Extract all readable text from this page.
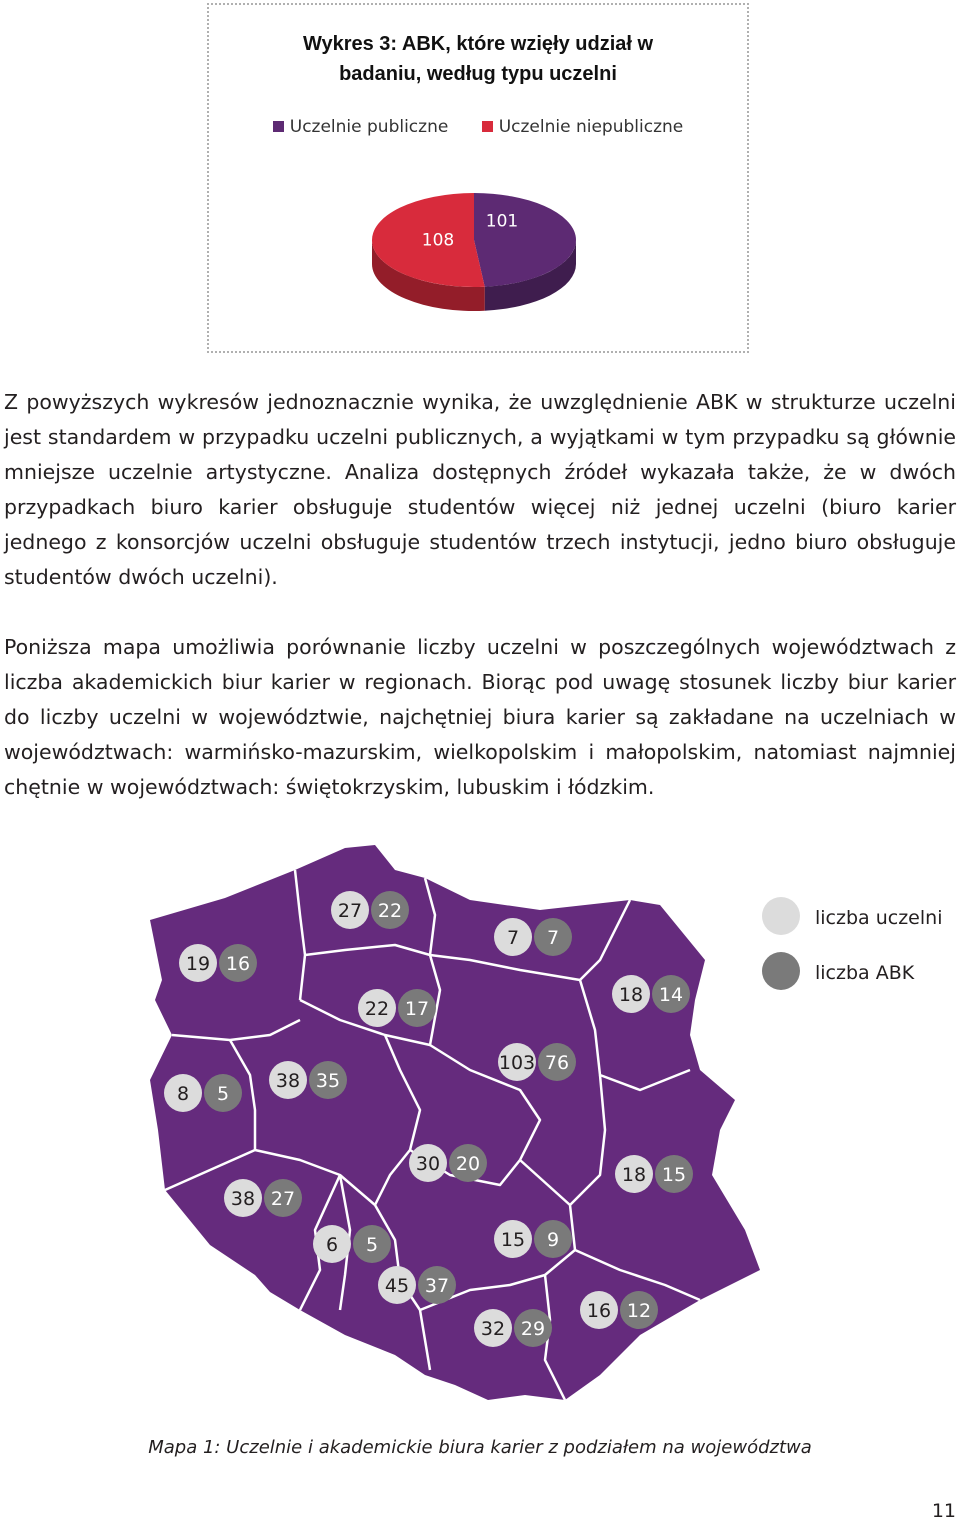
Wykres 3: ABK, które wzięły udział w
badaniu, według typu uczelni
Uczelnie publiczne	Uczelnie niepubliczne
101
108

Z powyższych wykresów jednoznacznie wynika, że uwzględnienie ABK w strukturze uczelni jest standardem w przypadku uczelni publicznych, a wyjątkami w tym przypadku są głównie mniejsze uczelnie artystyczne. Analiza dostępnych źródeł wykazała także, że w dwóch przypadkach biuro karier obsługuje studentów więcej niż jednej uczelni (biuro karier jednego z konsorcjów uczelni obsługuje studentów trzech instytucji, jedno biuro obsługuje studentów dwóch uczelni).

Poniższa mapa umożliwia porównanie liczby uczelni w poszczególnych województwach z liczba akademickich biur karier w regionach. Biorąc pod uwagę stosunek liczby biur karier do liczby uczelni w województwie, najchętniej biura karier są zakładane na uczelniach w województwach: warmińsko-mazurskim, wielkopolskim i małopolskim, natomiast najmniej chętnie w województwach: świętokrzyskim, lubuskim i łódzkim.

19 16
27 22
7 7
22 17
18 14
8 5
38 35
103 76
30 20	18 15
38 27
6 5	15 9
45 37
16 12
32 29
liczba uczelni
liczba ABK
Mapa 1: Uczelnie i akademickie biura karier z podziałem na województwa
11
